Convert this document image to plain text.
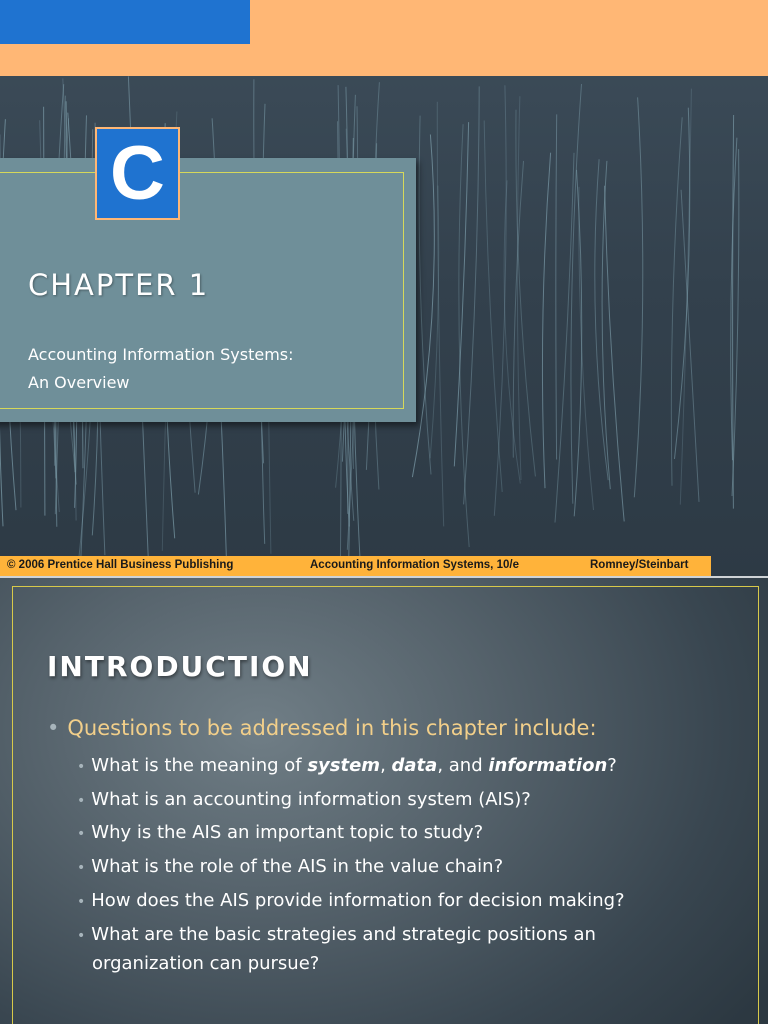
C
CHAPTER 1
Accounting Information Systems:
An Overview
© 2006 Prentice Hall Business Publishing	Accounting Information Systems, 10/e	Romney/Steinbart
INTRODUCTION
• Questions to be addressed in this chapter include:
• What is the meaning of system, data, and information?
• What is an accounting information system (AIS)?
• Why is the AIS an important topic to study?
• What is the role of the AIS in the value chain?
• How does the AIS provide information for decision making?
• What are the basic strategies and strategic positions an
organization can pursue?
